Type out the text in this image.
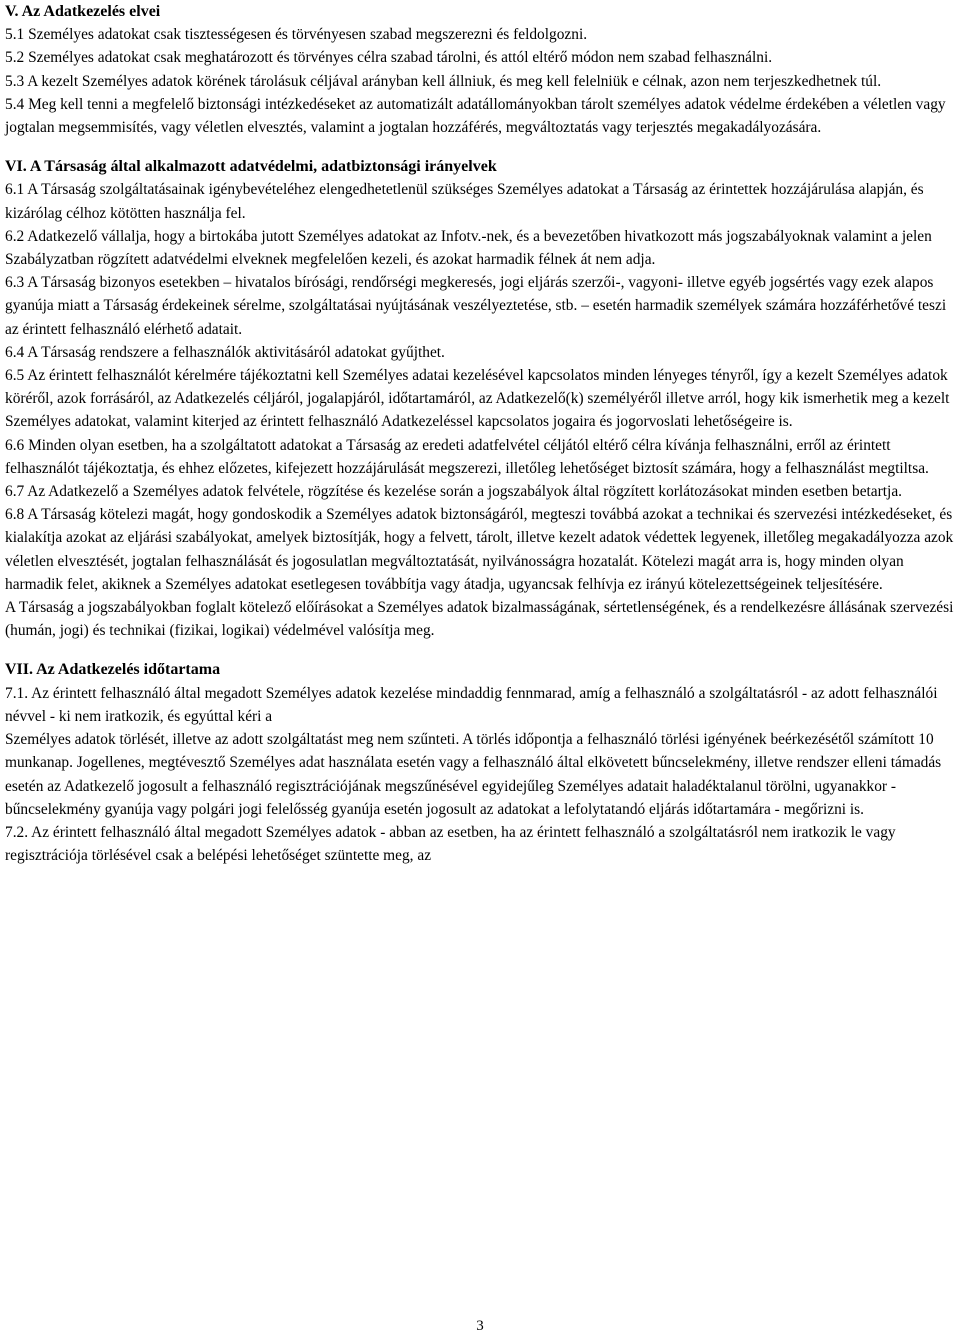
V. Az Adatkezelés elvei
5.1 Személyes adatokat csak tisztességesen és törvényesen szabad megszerezni és feldolgozni.
5.2 Személyes adatokat csak meghatározott és törvényes célra szabad tárolni, és attól eltérő módon nem szabad felhasználni.
5.3 A kezelt Személyes adatok körének tárolásuk céljával arányban kell állniuk, és meg kell felelniük e célnak, azon nem terjeszkedhetnek túl.
5.4 Meg kell tenni a megfelelő biztonsági intézkedéseket az automatizált adatállományokban tárolt személyes adatok védelme érdekében a véletlen vagy jogtalan megsemmisítés, vagy véletlen elvesztés, valamint a jogtalan hozzáférés, megváltoztatás vagy terjesztés megakadályozására.
VI. A Társaság által alkalmazott adatvédelmi, adatbiztonsági irányelvek
6.1 A Társaság szolgáltatásainak igénybevételéhez elengedhetetlenül szükséges Személyes adatokat a Társaság az érintettek hozzájárulása alapján, és kizárólag célhoz kötötten használja fel.
6.2 Adatkezelő vállalja, hogy a birtokába jutott Személyes adatokat az Infotv.-nek, és a bevezetőben hivatkozott más jogszabályoknak valamint a jelen Szabályzatban rögzített adatvédelmi elveknek megfelelően kezeli, és azokat harmadik félnek át nem adja.
6.3 A Társaság bizonyos esetekben – hivatalos bírósági, rendőrségi megkeresés, jogi eljárás szerzői-, vagyoni- illetve egyéb jogsértés vagy ezek alapos gyanúja miatt a Társaság érdekeinek sérelme, szolgáltatásai nyújtásának veszélyeztetése, stb. – esetén harmadik személyek számára hozzáférhetővé teszi az érintett felhasználó elérhető adatait.
6.4 A Társaság rendszere a felhasználók aktivitásáról adatokat gyűjthet.
6.5 Az érintett felhasználót kérelmére tájékoztatni kell Személyes adatai kezelésével kapcsolatos minden lényeges tényről, így a kezelt Személyes adatok köréről, azok forrásáról, az Adatkezelés céljáról, jogalapjáról, időtartamáról, az Adatkezelő(k) személyéről illetve arról, hogy kik ismerhetik meg a kezelt Személyes adatokat, valamint kiterjed az érintett felhasználó Adatkezeléssel kapcsolatos jogaira és jogorvoslati lehetőségeire is.
6.6 Minden olyan esetben, ha a szolgáltatott adatokat a Társaság az eredeti adatfelvétel céljától eltérő célra kívánja felhasználni, erről az érintett felhasználót tájékoztatja, és ehhez előzetes, kifejezett hozzájárulását megszerezi, illetőleg lehetőséget biztosít számára, hogy a felhasználást megtiltsa.
6.7 Az Adatkezelő a Személyes adatok felvétele, rögzítése és kezelése során a jogszabályok által rögzített korlátozásokat minden esetben betartja.
6.8 A Társaság kötelezi magát, hogy gondoskodik a Személyes adatok biztonságáról, megteszi továbbá azokat a technikai és szervezési intézkedéseket, és kialakítja azokat az eljárási szabályokat, amelyek biztosítják, hogy a felvett, tárolt, illetve kezelt adatok védettek legyenek, illetőleg megakadályozza azok véletlen elvesztését, jogtalan felhasználását és jogosulatlan megváltoztatását, nyilvánosságra hozatalát. Kötelezi magát arra is, hogy minden olyan harmadik felet, akiknek a Személyes adatokat esetlegesen továbbítja vagy átadja, ugyancsak felhívja ez irányú kötelezettségeinek teljesítésére.
A Társaság a jogszabályokban foglalt kötelező előírásokat a Személyes adatok bizalmasságának, sértetlenségének, és a rendelkezésre állásának szervezési (humán, jogi) és technikai (fizikai, logikai) védelmével valósítja meg.
VII. Az Adatkezelés időtartama
7.1. Az érintett felhasználó által megadott Személyes adatok kezelése mindaddig fennmarad, amíg a felhasználó a szolgáltatásról - az adott felhasználói névvel - ki nem iratkozik, és egyúttal kéri a
Személyes adatok törlését, illetve az adott szolgáltatást meg nem szűnteti. A törlés időpontja a felhasználó törlési igényének beérkezésétől számított 10 munkanap. Jogellenes, megtévesztő Személyes adat használata esetén vagy a felhasználó által elkövetett bűncselekmény, illetve rendszer elleni támadás esetén az Adatkezelő jogosult a felhasználó regisztrációjának megszűnésével egyidejűleg Személyes adatait haladéktalanul törölni, ugyanakkor - bűncselekmény gyanúja vagy polgári jogi felelősség gyanúja esetén jogosult az adatokat a lefolytatandó eljárás időtartamára - megőrizni is.
7.2. Az érintett felhasználó által megadott Személyes adatok - abban az esetben, ha az érintett felhasználó a szolgáltatásról nem iratkozik le vagy regisztrációja törlésével csak a belépési lehetőséget szüntette meg, az
3
